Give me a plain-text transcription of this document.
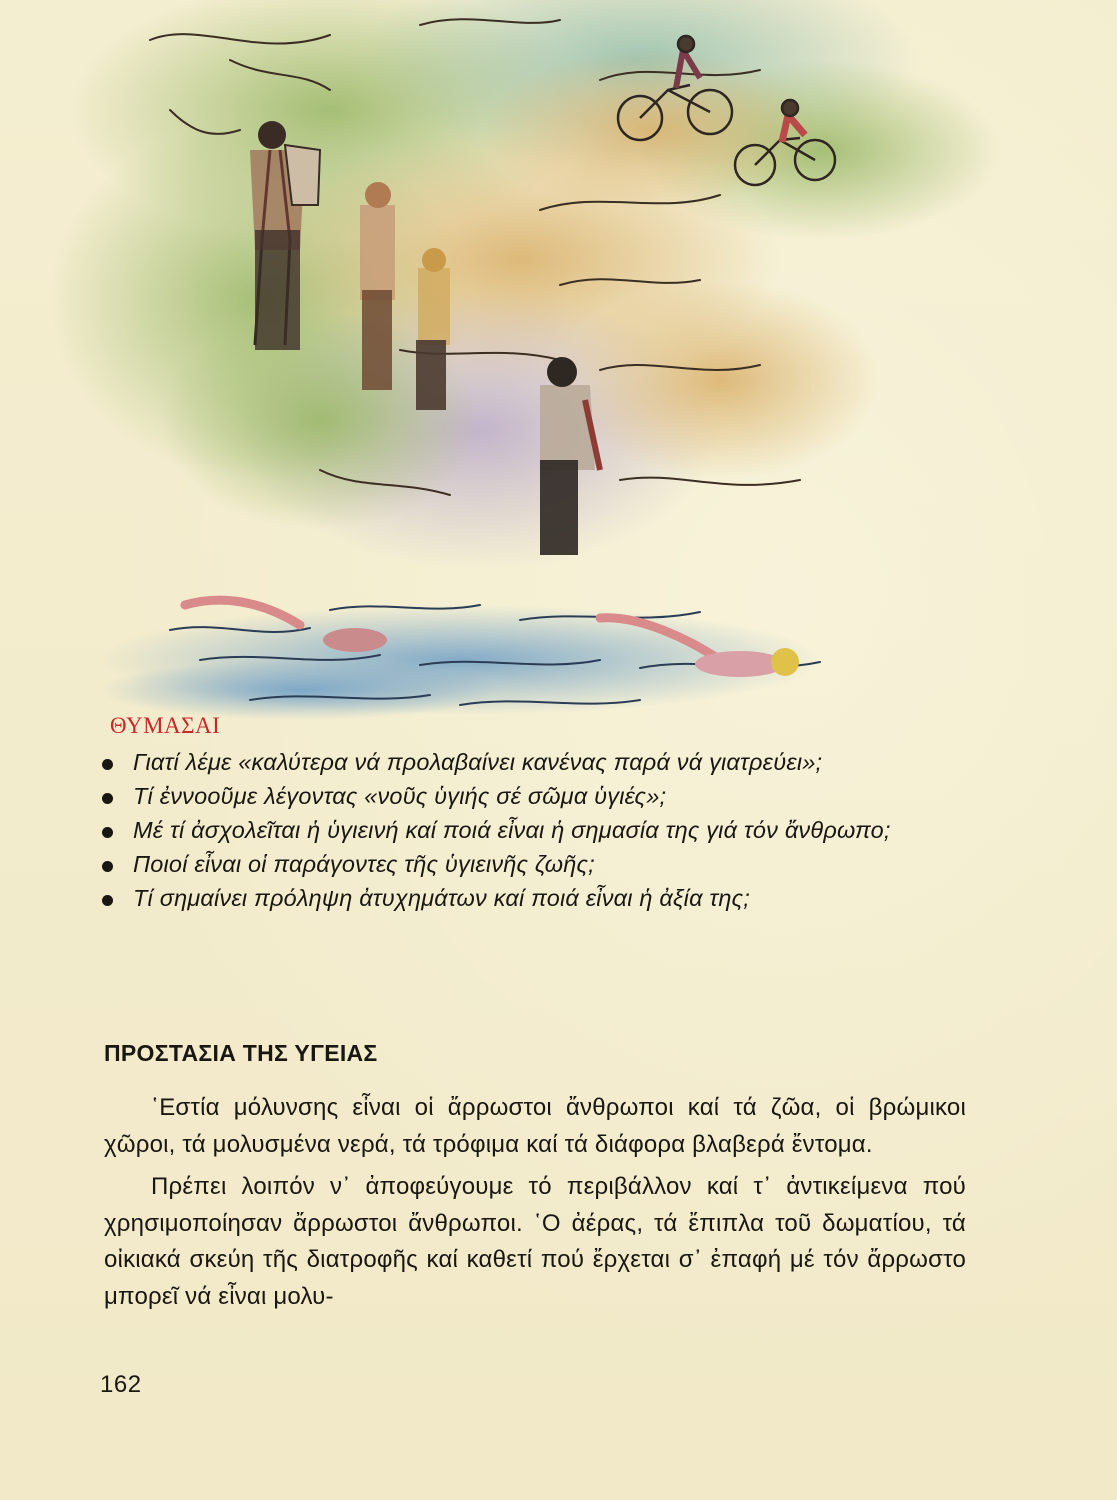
ΘΥΜΑΣΑΙ
Γιατί λέμε «καλύτερα νά προλαβαίνει κανένας παρά νά γιατρεύει»;
Τί ἐννοοῦμε λέγοντας «νοῦς ὑγιής σέ σῶμα ὑγιές»;
Μέ τί ἀσχολεῖται ἡ ὑγιεινή καί ποιά εἶναι ἡ σημασία της γιά τόν ἄνθρωπο;
Ποιοί εἶναι οἱ παράγοντες τῆς ὑγιεινῆς ζωῆς;
Τί σημαίνει πρόληψη ἀτυχημάτων καί ποιά εἶναι ἡ ἀξία της;
ΠΡΟΣΤΑΣΙΑ ΤΗΣ ΥΓΕΙΑΣ

῾Εστία μόλυνσης εἶναι οἱ ἄρρωστοι ἄνθρωποι καί τά ζῶα, οἱ βρώμικοι χῶροι, τά μολυσμένα νερά, τά τρόφιμα καί τά διάφορα βλαβερά ἔντομα.

Πρέπει λοιπόν ν᾿ ἀποφεύγουμε τό περιβάλλον καί τ᾿ ἀντικείμενα πού χρησιμοποίησαν ἄρρωστοι ἄνθρωποι. ῾Ο ἀέρας, τά ἔπιπλα τοῦ δωματίου, τά οἰκιακά σκεύη τῆς διατροφῆς καί καθετί πού ἔρχεται σ᾿ ἐπαφή μέ τόν ἄρρωστο μπορεῖ νά εἶναι μολυ-

162
